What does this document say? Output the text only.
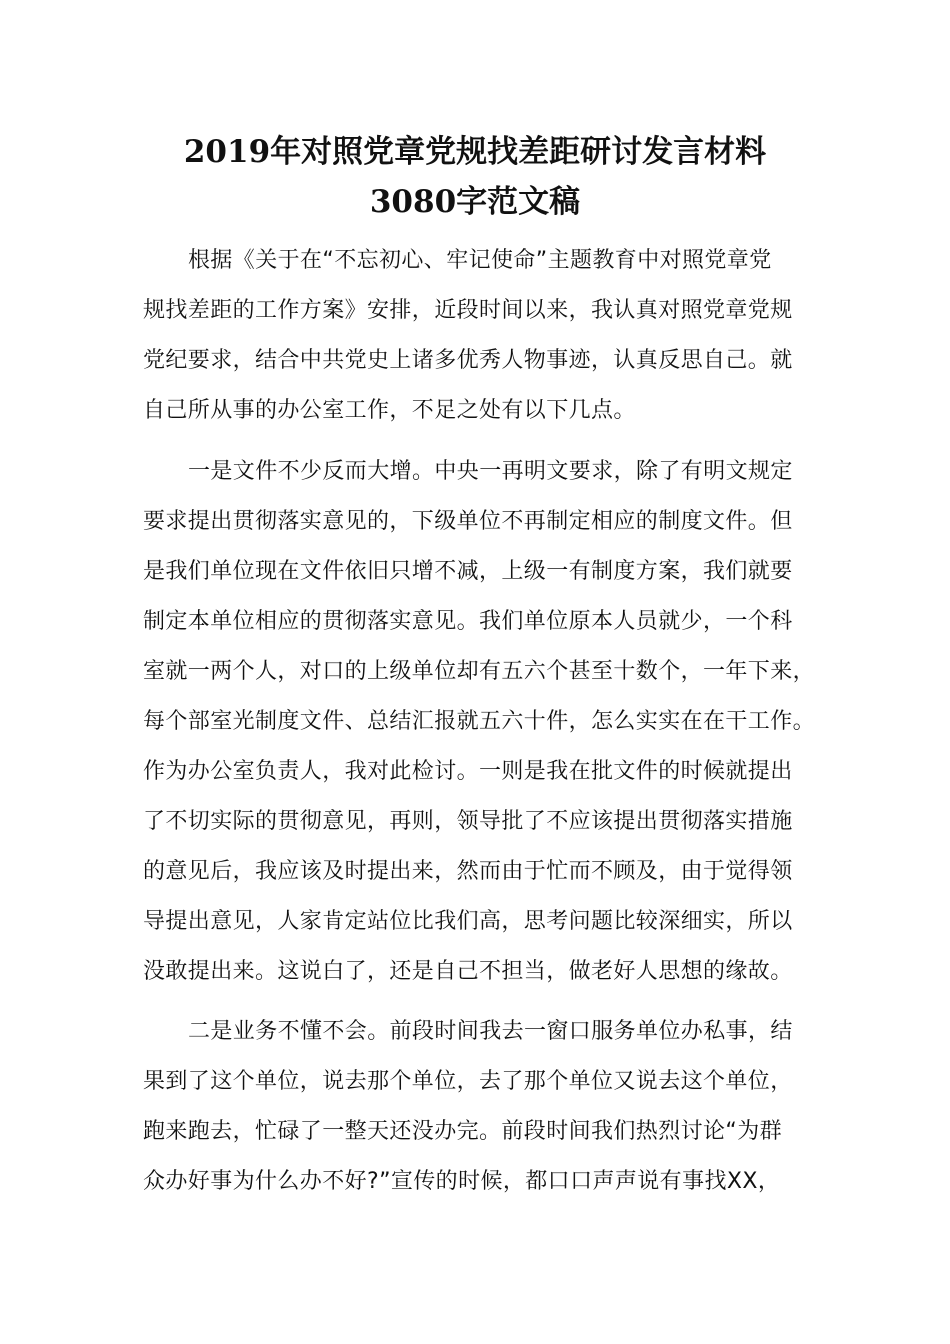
2019年对照党章党规找差距研讨发言材料
3080字范文稿
根据《关于在“不忘初心、牢记使命”主题教育中对照党章党
规找差距的工作方案》安排，近段时间以来，我认真对照党章党规
党纪要求，结合中共党史上诸多优秀人物事迹，认真反思自己。就
自己所从事的办公室工作，不足之处有以下几点。
一是文件不少反而大增。中央一再明文要求，除了有明文规定
要求提出贯彻落实意见的，下级单位不再制定相应的制度文件。但
是我们单位现在文件依旧只增不减，上级一有制度方案，我们就要
制定本单位相应的贯彻落实意见。我们单位原本人员就少，一个科
室就一两个人，对口的上级单位却有五六个甚至十数个，一年下来，
每个部室光制度文件、总结汇报就五六十件，怎么实实在在干工作。
作为办公室负责人，我对此检讨。一则是我在批文件的时候就提出
了不切实际的贯彻意见，再则，领导批了不应该提出贯彻落实措施
的意见后，我应该及时提出来，然而由于忙而不顾及，由于觉得领
导提出意见，人家肯定站位比我们高，思考问题比较深细实，所以
没敢提出来。这说白了，还是自己不担当，做老好人思想的缘故。
二是业务不懂不会。前段时间我去一窗口服务单位办私事，结
果到了这个单位，说去那个单位，去了那个单位又说去这个单位，
跑来跑去，忙碌了一整天还没办完。前段时间我们热烈讨论“为群
众办好事为什么办不好?”宣传的时候，都口口声声说有事找XX，
